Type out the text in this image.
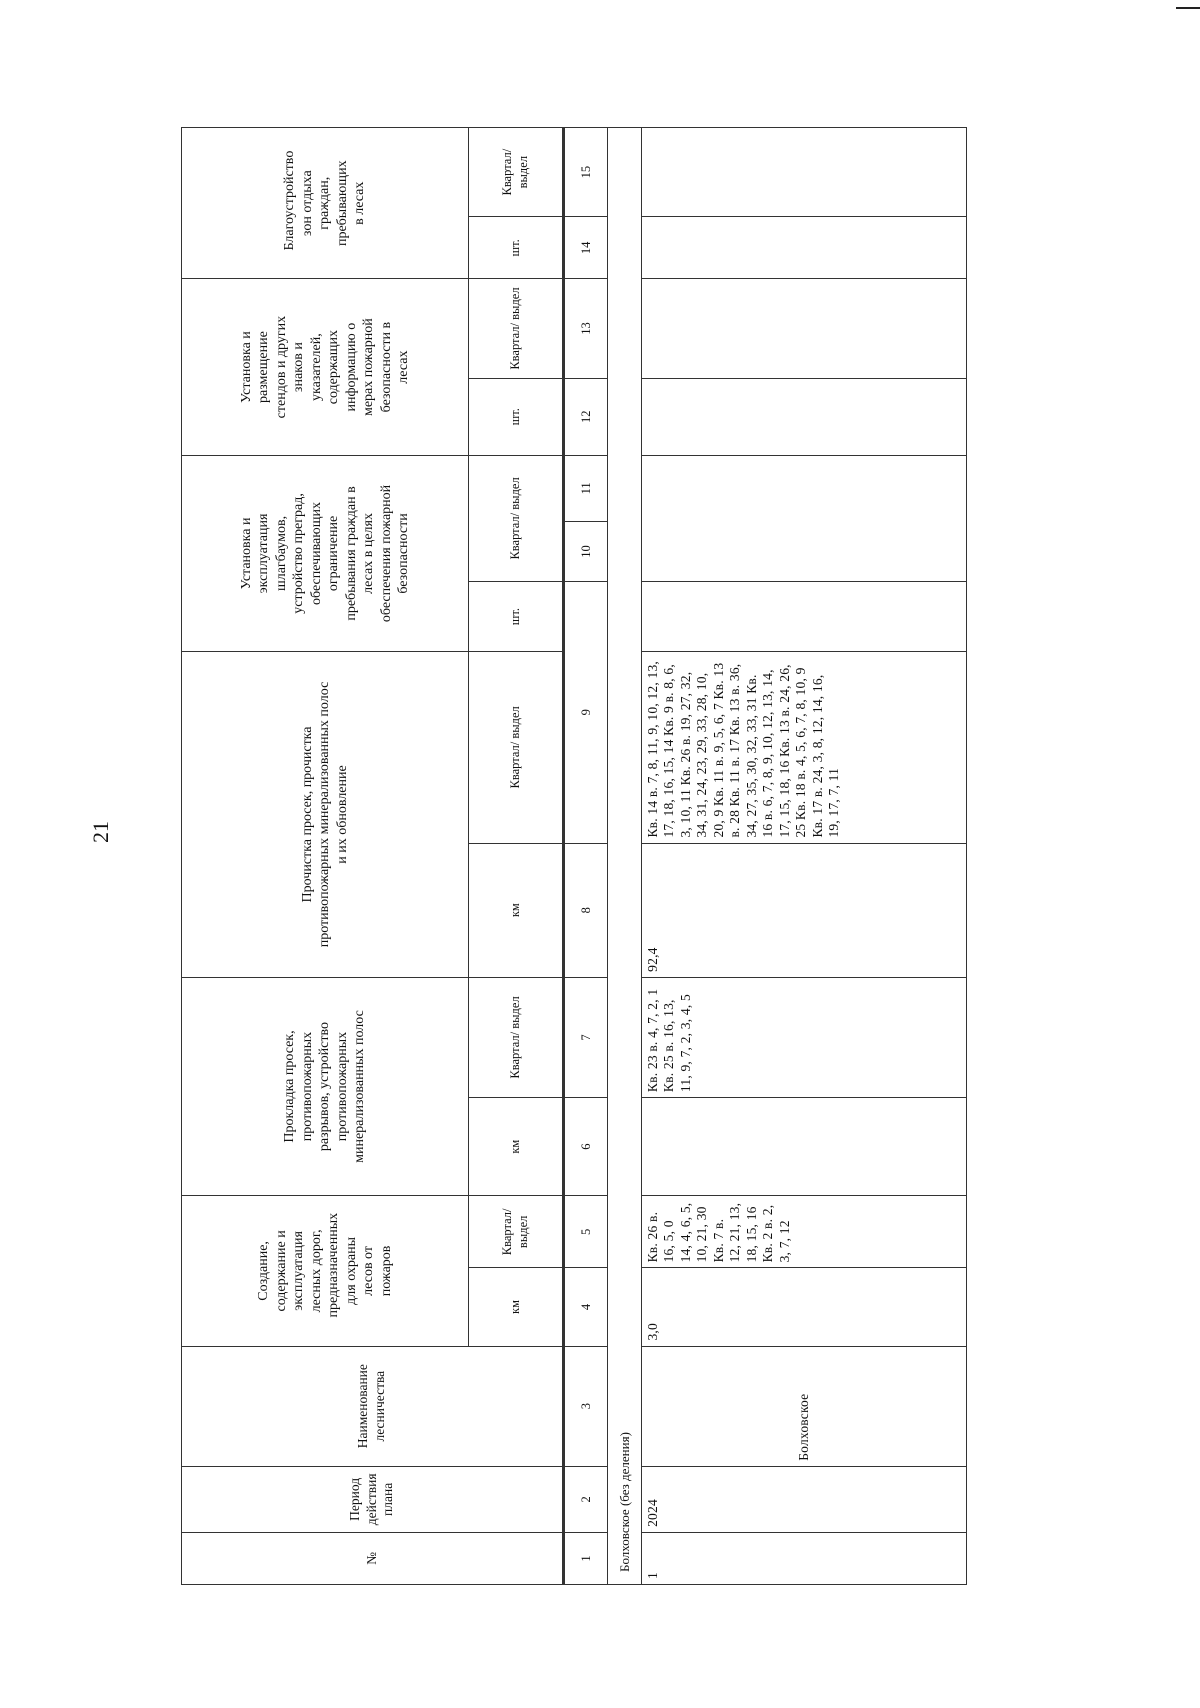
21
№	Период действия плана	Наименование лесничества	Создание, содержание и эксплуатация лесных дорог, предназначенных для охраны лесов от пожаров		Прокладка просек, противопожарных разрывов, устройство противопожарных минерализованных полос		Прочистка просек, прочистка противопожарных минерализованных полос и их обновление		Установка и эксплуатация шлагбаумов, устройство преград, обеспечивающих ограничение пребывания граждан в лесах в целях обеспечения пожарной безопасности			Установка и размещение стендов и других знаков и указателей, содержащих информацию о мерах пожарной безопасности в лесах		Благоустройство зон отдыха граждан, пребывающих в лесах	
			км	Квартал/ выдел	км	Квартал/ выдел	км	Квартал/ выдел	шт.	Квартал/ выдел		шт.	Квартал/ выдел	шт.	Квартал/ выдел
1	2	3	4	5	6	7	8	9		10	11	12	13	14	15
Болховское (без деления)															
1	2024	Болховское	3,0	Кв. 26 в. 16, 5, 0 14, 4, 6, 5, 10, 21, 30 Кв. 7 в. 12, 21, 13, 18, 15, 16 Кв. 2 в. 2, 3, 7, 12		Кв. 23 в. 4, 7, 2, 1 Кв. 25 в. 16, 13, 11, 9, 7, 2, 3, 4, 5	92,4	Кв. 14 в. 7, 8, 11, 9, 10, 12, 13, 17, 18, 16, 15, 14 Кв. 9 в. 8, 6, 3, 10, 11 Кв. 26 в. 19, 27, 32, 34, 31, 24, 23, 29, 33, 28, 10, 20, 9 Кв. 11 в. 9, 5, 6, 7 Кв. 13 в. 28 Кв. 11 в. 17 Кв. 13 в. 36, 34, 27, 35, 30, 32, 33, 31 Кв. 16 в. 6, 7, 8, 9, 10, 12, 13, 14, 17, 15, 18, 16 Кв. 13 в. 24, 26, 25 Кв. 18 в. 4, 5, 6, 7, 8, 10, 9 Кв. 17 в. 24, 3, 8, 12, 14, 16, 19, 17, 7, 11							
